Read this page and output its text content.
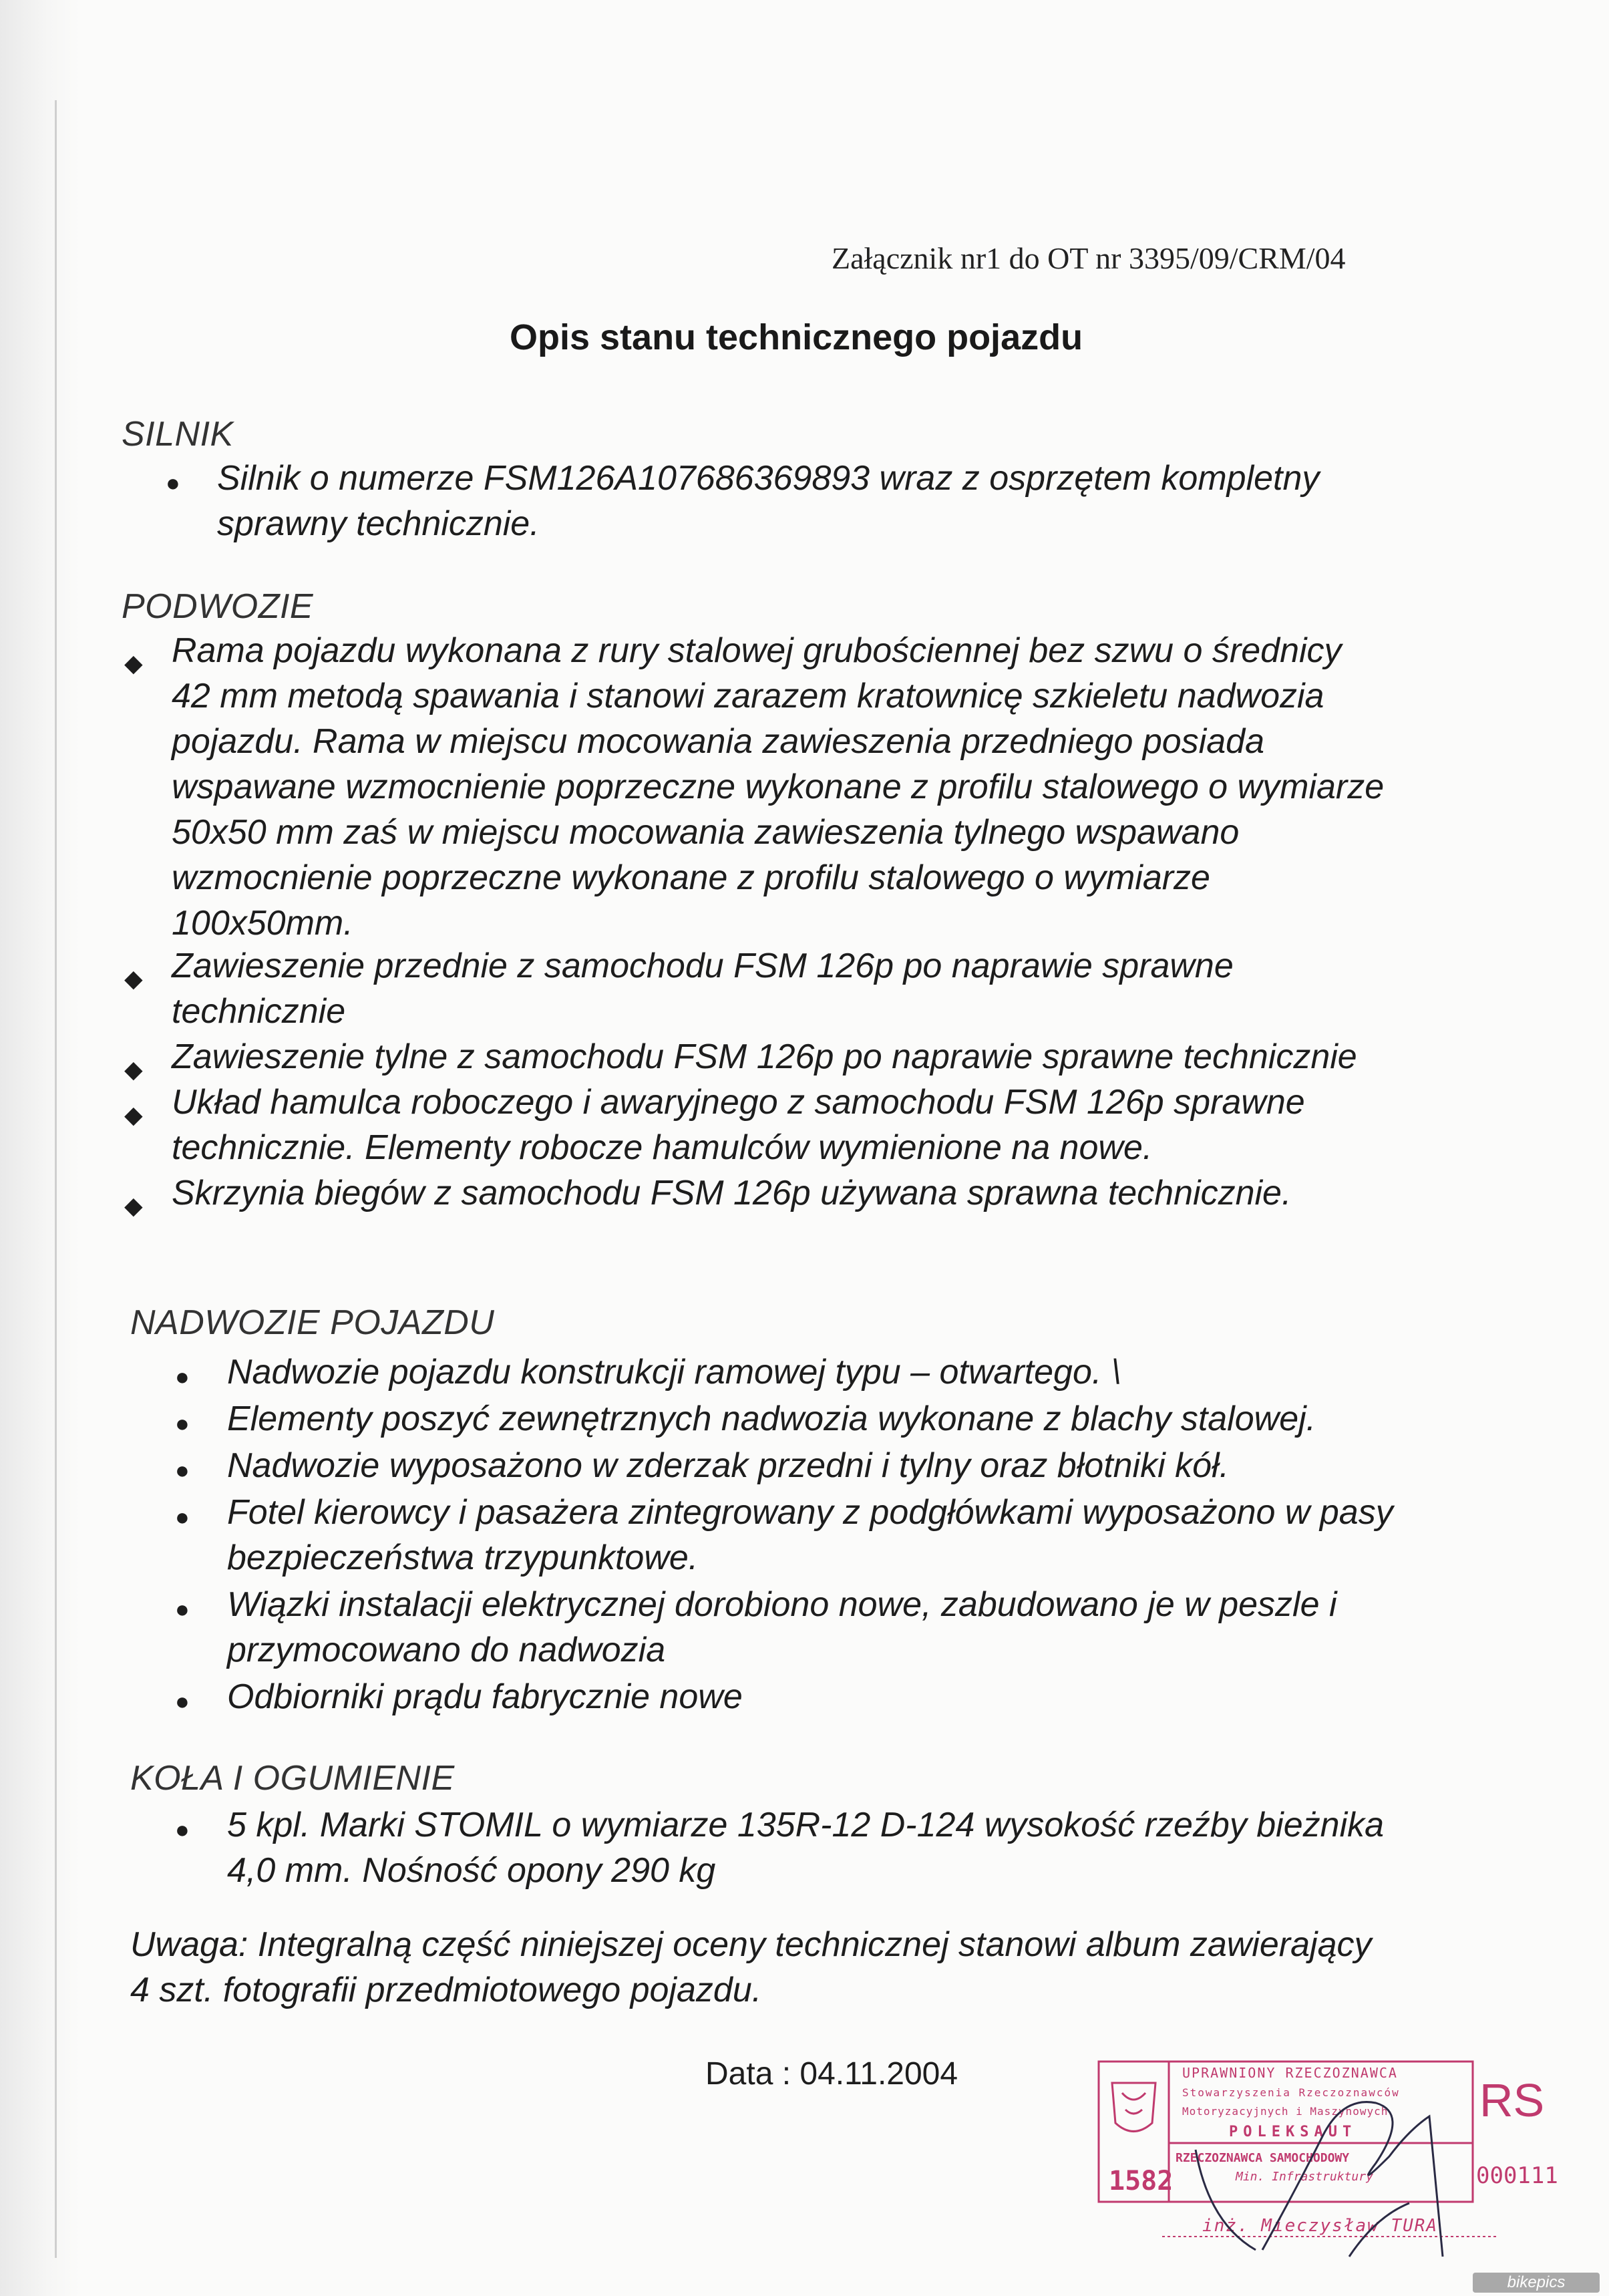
Załącznik nr1 do OT nr 3395/09/CRM/04
Opis stanu technicznego pojazdu
SILNIK
● Silnik o numerze FSM126A107686369893 wraz z osprzętem kompletny
sprawny technicznie.
PODWOZIE
◆ Rama pojazdu wykonana z rury stalowej grubościennej bez szwu o średnicy
42 mm metodą spawania i stanowi zarazem kratownicę szkieletu nadwozia
pojazdu. Rama w miejscu mocowania zawieszenia przedniego posiada
wspawane wzmocnienie poprzeczne wykonane z profilu stalowego o wymiarze
50x50 mm zaś w miejscu mocowania zawieszenia tylnego wspawano
wzmocnienie poprzeczne wykonane z profilu stalowego o wymiarze
100x50mm.
◆ Zawieszenie przednie z samochodu FSM 126p po naprawie sprawne
technicznie
◆ Zawieszenie tylne z samochodu FSM 126p po naprawie sprawne technicznie
◆ Układ hamulca roboczego i awaryjnego z samochodu FSM 126p sprawne
technicznie. Elementy robocze hamulców wymienione na nowe.
◆ Skrzynia biegów z samochodu FSM 126p używana sprawna technicznie.
NADWOZIE POJAZDU
● Nadwozie pojazdu konstrukcji ramowej typu – otwartego. \
● Elementy poszyć zewnętrznych nadwozia wykonane z blachy stalowej.
● Nadwozie wyposażono w zderzak przedni i tylny oraz błotniki kół.
● Fotel kierowcy i pasażera zintegrowany z podgłówkami wyposażono w pasy
bezpieczeństwa trzypunktowe.
● Wiązki instalacji elektrycznej dorobiono nowe, zabudowano je w peszle i
przymocowano do nadwozia
● Odbiorniki prądu fabrycznie nowe
KOŁA I OGUMIENIE
● 5 kpl. Marki STOMIL o wymiarze 135R-12 D-124 wysokość rzeźby bieżnika
4,0 mm. Nośność opony 290 kg
Uwaga: Integralną część niniejszej oceny technicznej stanowi album zawierający
4 szt. fotografii przedmiotowego pojazdu.
Data : 04.11.2004	UPRAWNIONY RZECZOZNAWCA
Stowarzyszenia Rzeczoznawców
Motoryzacyjnych i Maszynowych
POLEKSAUT
RZECZOZNAWCA SAMOCHODOWY
Min. Infrastruktury
1582
RS
000111
inż. Mieczysław TURA
bikepics
